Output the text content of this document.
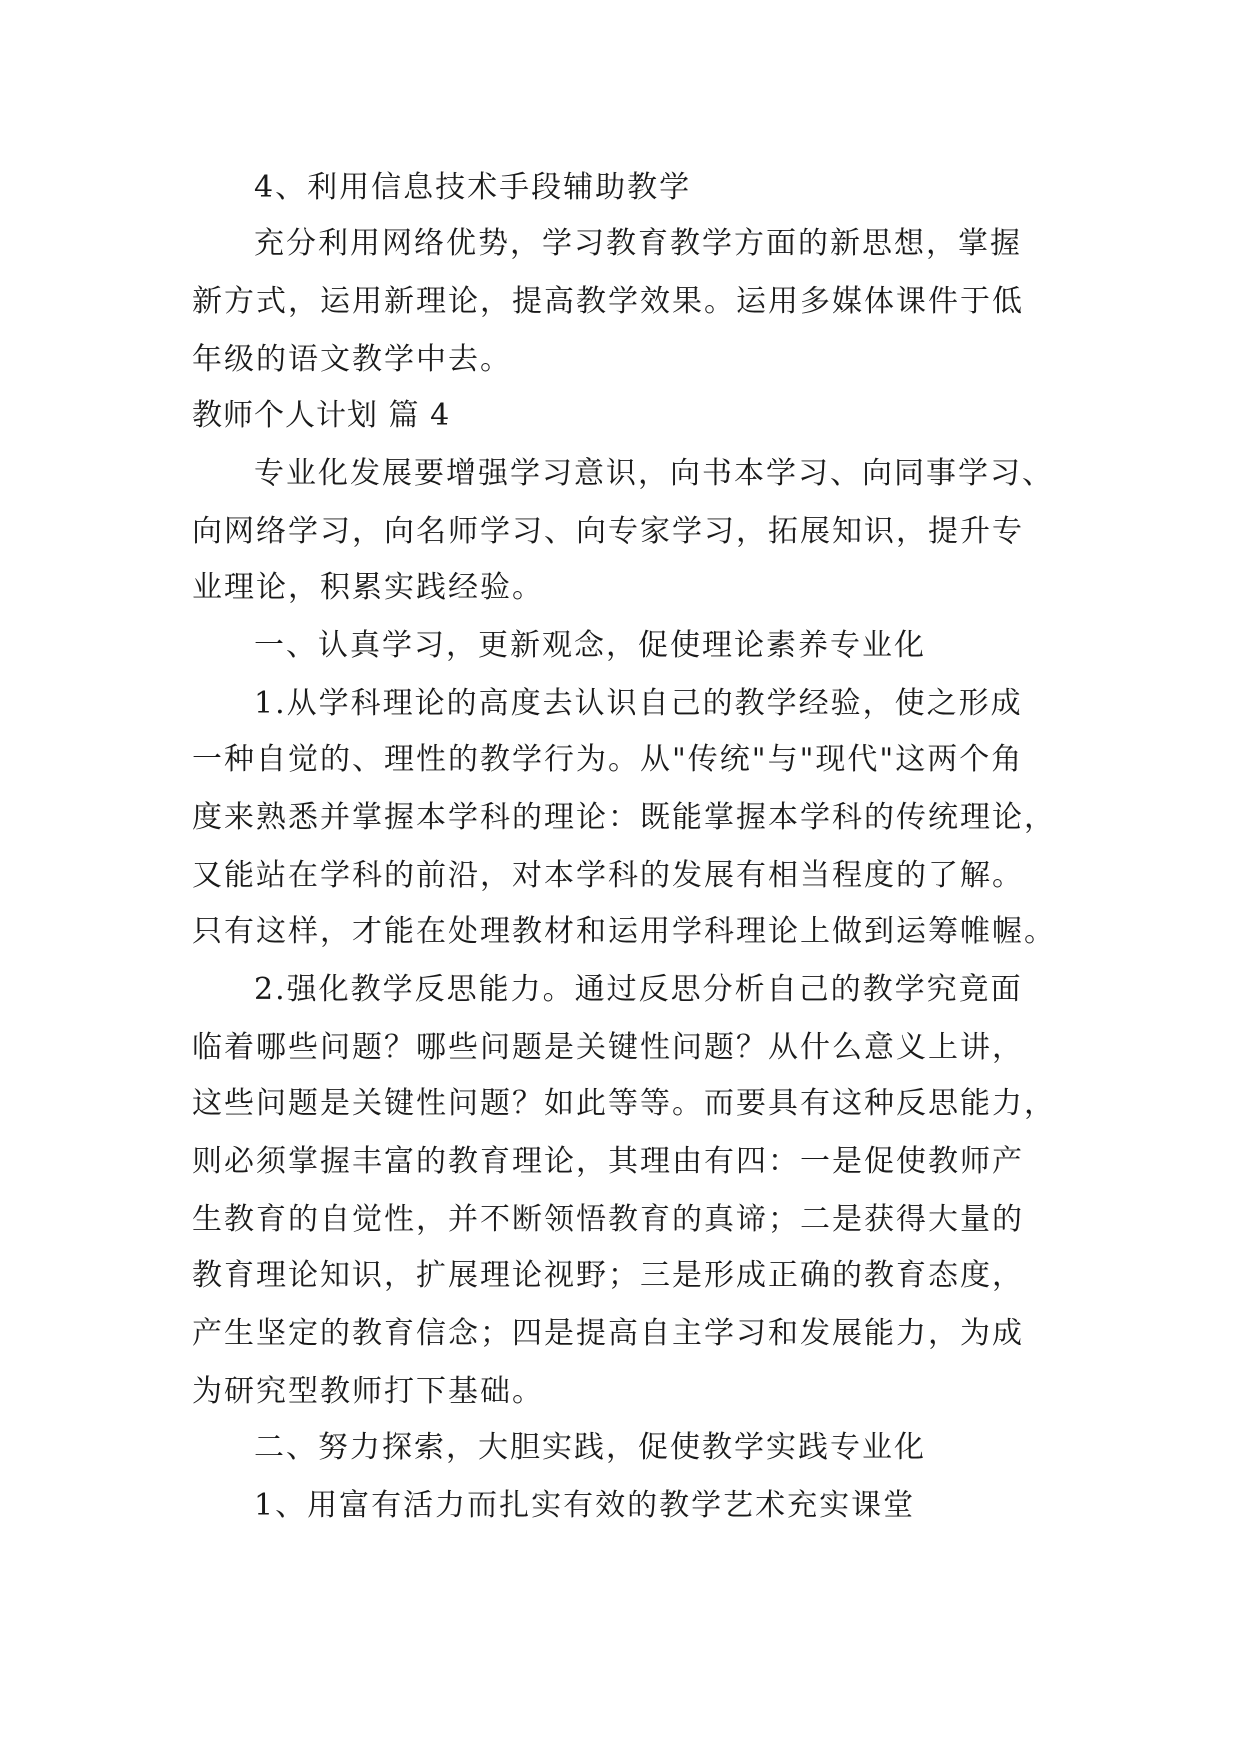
4、利用信息技术手段辅助教学
充分利用网络优势，学习教育教学方面的新思想，掌握
新方式，运用新理论，提高教学效果。运用多媒体课件于低
年级的语文教学中去。
教师个人计划 篇 4
专业化发展要增强学习意识，向书本学习、向同事学习、
向网络学习，向名师学习、向专家学习，拓展知识，提升专
业理论，积累实践经验。
一、认真学习，更新观念，促使理论素养专业化
1.从学科理论的高度去认识自己的教学经验，使之形成
一种自觉的、理性的教学行为。从"传统"与"现代"这两个角
度来熟悉并掌握本学科的理论：既能掌握本学科的传统理论，
又能站在学科的前沿，对本学科的发展有相当程度的了解。
只有这样，才能在处理教材和运用学科理论上做到运筹帷幄。
2.强化教学反思能力。通过反思分析自己的教学究竟面
临着哪些问题？哪些问题是关键性问题？从什么意义上讲，
这些问题是关键性问题？如此等等。而要具有这种反思能力，
则必须掌握丰富的教育理论，其理由有四：一是促使教师产
生教育的自觉性，并不断领悟教育的真谛；二是获得大量的
教育理论知识，扩展理论视野；三是形成正确的教育态度，
产生坚定的教育信念；四是提高自主学习和发展能力，为成
为研究型教师打下基础。
二、努力探索，大胆实践，促使教学实践专业化
1、用富有活力而扎实有效的教学艺术充实课堂
